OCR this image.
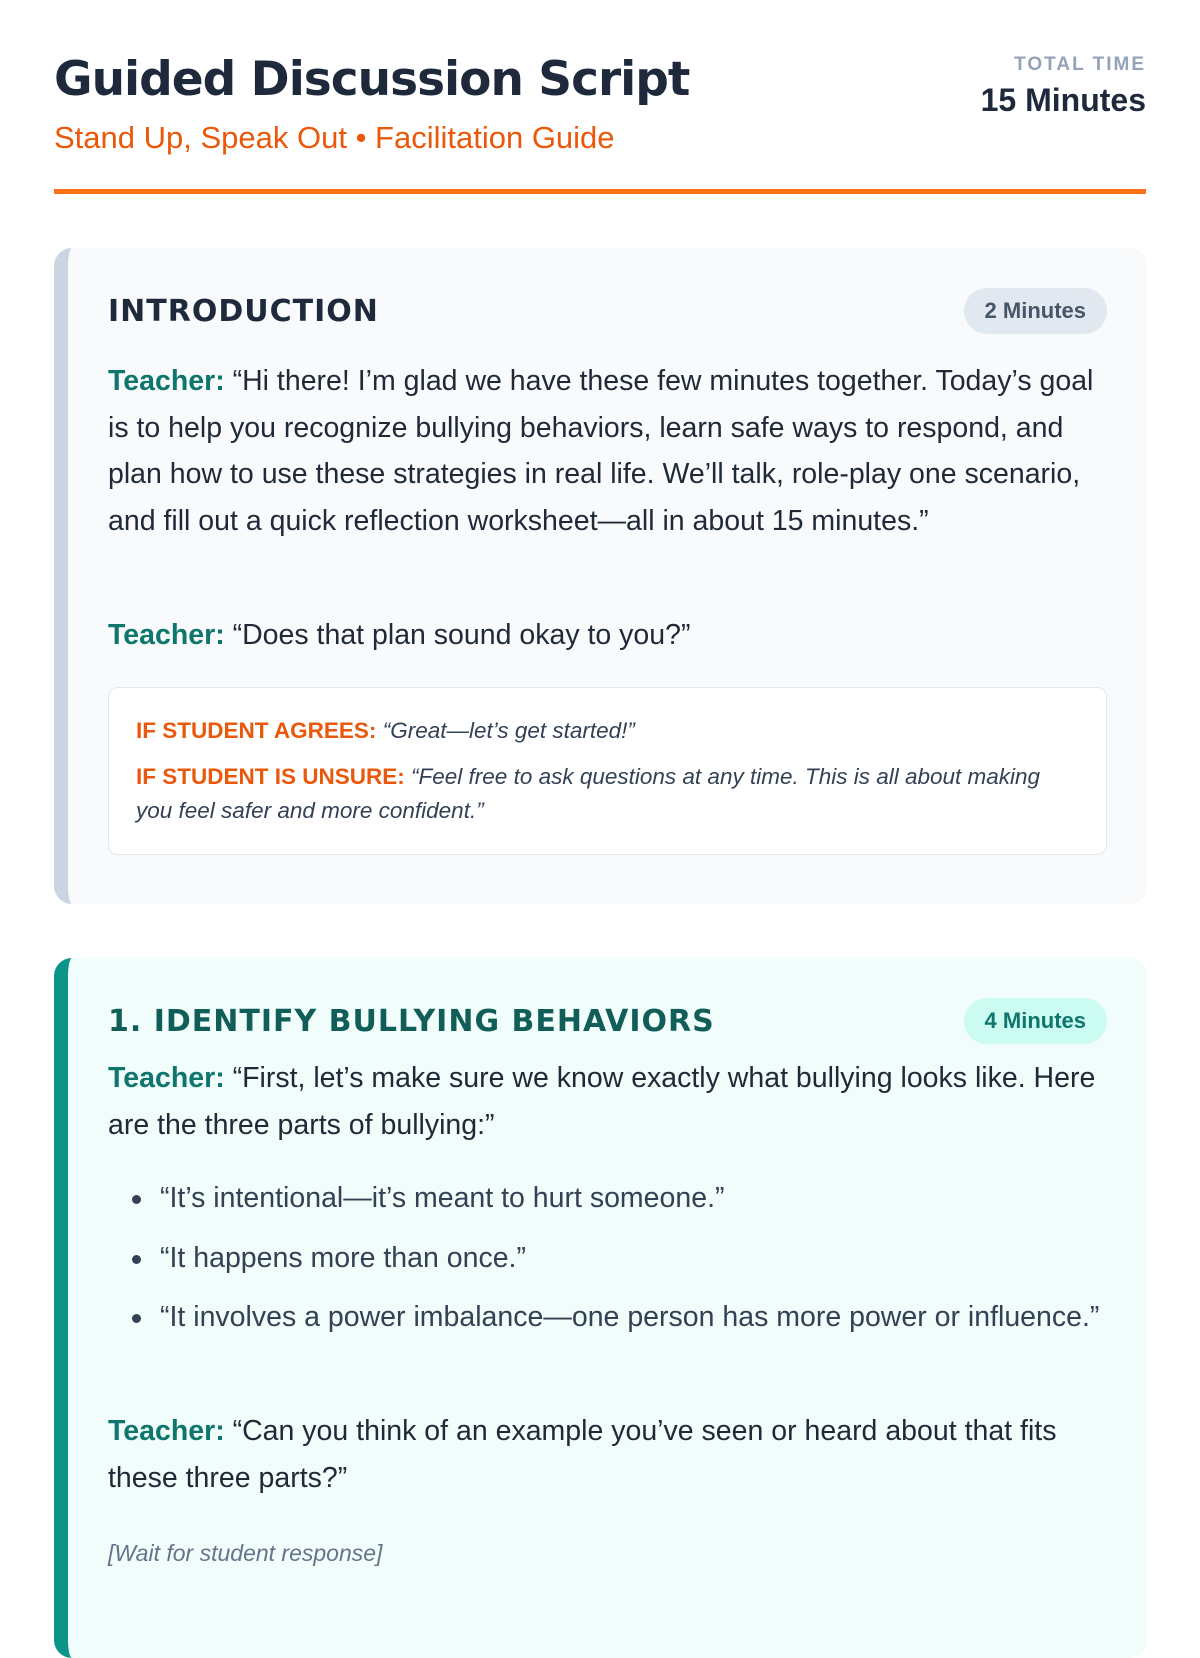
Guided Discussion Script

Stand Up, Speak Out • Facilitation Guide

TOTAL TIME
15 Minutes
INTRODUCTION	2 Minutes

Teacher: “Hi there! I’m glad we have these few minutes together. Today’s goal is to help you recognize bullying behaviors, learn safe ways to respond, and plan how to use these strategies in real life. We’ll talk, role-play one scenario, and fill out a quick reflection worksheet—all in about 15 minutes.”

Teacher: “Does that plan sound okay to you?”

IF STUDENT AGREES: “Great—let’s get started!”

IF STUDENT IS UNSURE: “Feel free to ask questions at any time. This is all about making you feel safer and more confident.”

1. IDENTIFY BULLYING BEHAVIORS	4 Minutes

Teacher: “First, let’s make sure we know exactly what bullying looks like. Here are the three parts of bullying:”

“It’s intentional—it’s meant to hurt someone.”
“It happens more than once.”
“It involves a power imbalance—one person has more power or influence.”

Teacher: “Can you think of an example you’ve seen or heard about that fits these three parts?”

[Wait for student response]
